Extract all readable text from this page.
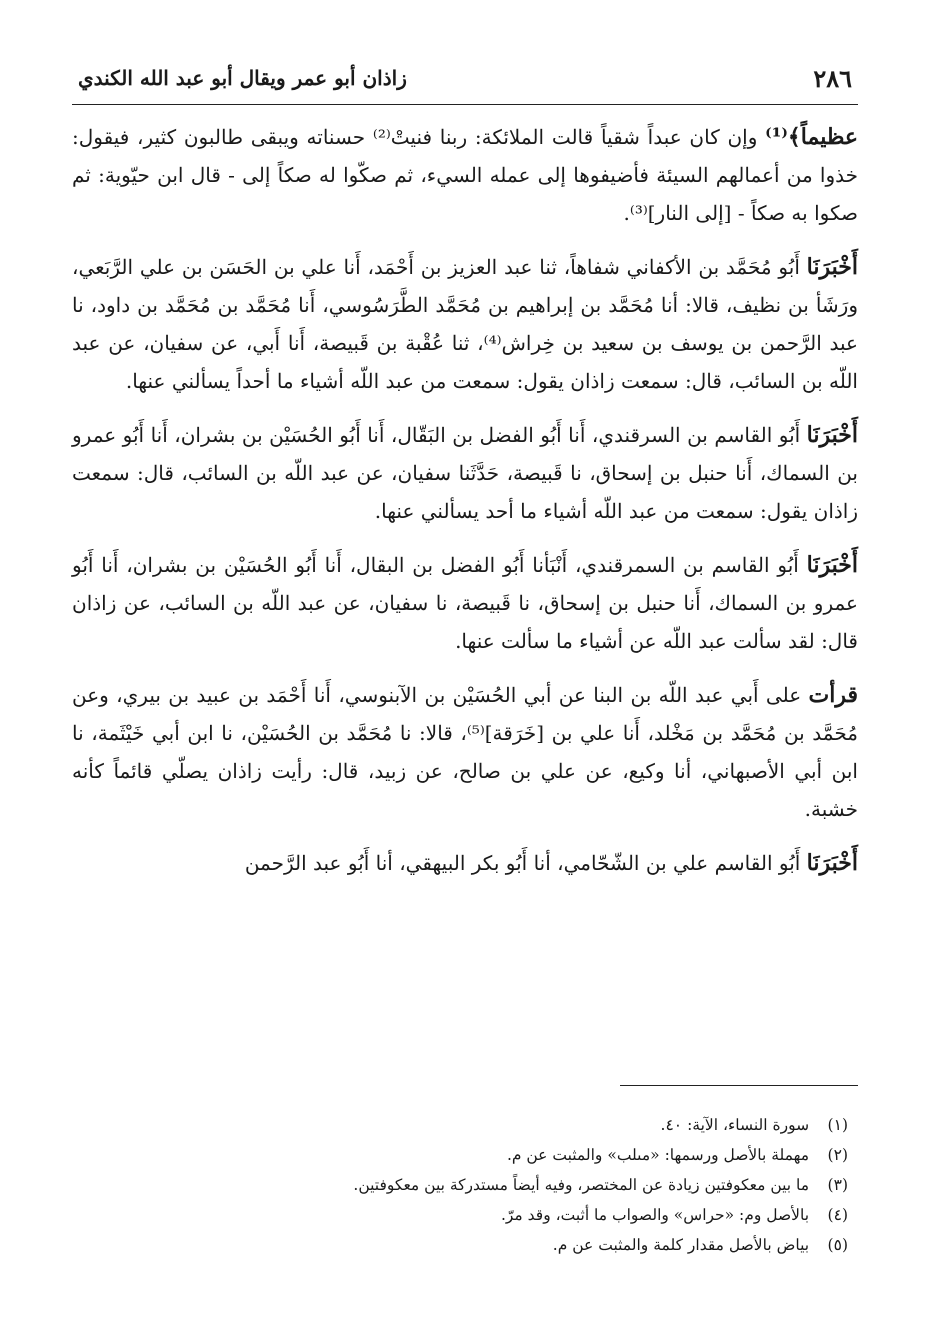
٢٨٦
زاذان أبو عمر ويقال أبو عبد الله الكندي

عظيماً﴾⁽¹⁾ وإن كان عبداً شقياً قالت الملائكة: ربنا فنيتْ⁽²⁾ حسناته ويبقى طالبون كثير، فيقول: خذوا من أعمالهم السيئة فأضيفوها إلى عمله السيء، ثم صكّوا له صكاً إلى - قال ابن حيّوية: ثم صكوا به صكاً - [إلى النار]⁽³⁾.

أَخْبَرَنَا أَبُو مُحَمَّد بن الأكفاني شفاهاً، ثنا عبد العزيز بن أَحْمَد، أَنا علي بن الحَسَن بن علي الرَّبَعي، ورَشَأ بن نظيف، قالا: أنا مُحَمَّد بن إبراهيم بن مُحَمَّد الطَّرَسُوسي، أَنا مُحَمَّد بن مُحَمَّد بن داود، نا عبد الرَّحمن بن يوسف بن سعيد بن خِراش⁽⁴⁾، ثنا عُقْبة بن قَبيصة، أَنا أَبي، عن سفيان، عن عبد اللّه بن السائب، قال: سمعت زاذان يقول: سمعت من عبد اللّه أشياء ما أحداً يسألني عنها.

أَخْبَرَنَا أَبُو القاسم بن السرقندي، أَنا أَبُو الفضل بن البَقّال، أَنا أَبُو الحُسَيْن بن بشران، أَنا أَبُو عمرو بن السماك، أَنا حنبل بن إسحاق، نا قَبيصة، حَدَّثَنا سفيان، عن عبد اللّه بن السائب، قال: سمعت زاذان يقول: سمعت من عبد اللّه أشياء ما أحد يسألني عنها.

أَخْبَرَنَا أَبُو القاسم بن السمرقندي، أَنْبَأنا أَبُو الفضل بن البقال، أَنا أَبُو الحُسَيْن بن بشران، أَنا أَبُو عمرو بن السماك، أَنا حنبل بن إسحاق، نا قَبيصة، نا سفيان، عن عبد اللّه بن السائب، عن زاذان قال: لقد سألت عبد اللّه عن أشياء ما سألت عنها.

قرأت على أَبي عبد اللّه بن البنا عن أبي الحُسَيْن بن الآبنوسي، أَنا أَحْمَد بن عبيد بن بيري، وعن مُحَمَّد بن مُحَمَّد بن مَخْلد، أَنا علي بن [خَرَقة]⁽⁵⁾، قالا: نا مُحَمَّد بن الحُسَيْن، نا ابن أبي خَيْثَمة، نا ابن أبي الأصبهاني، أنا وكيع، عن علي بن صالح، عن زبيد، قال: رأيت زاذان يصلّي قائماً كأنه خشبة.

أَخْبَرَنَا أَبُو القاسم علي بن الشّحّامي، أنا أَبُو بكر البيهقي، أنا أَبُو عبد الرَّحمن

(١) سورة النساء، الآية: ٤٠.

(٢) مهملة بالأصل ورسمها: «مىلب» والمثبت عن م.

(٣) ما بين معكوفتين زيادة عن المختصر، وفيه أيضاً مستدركة بين معكوفتين.

(٤) بالأصل وم: «حراس» والصواب ما أثبت، وقد مرّ.

(٥) بياض بالأصل مقدار كلمة والمثبت عن م.
